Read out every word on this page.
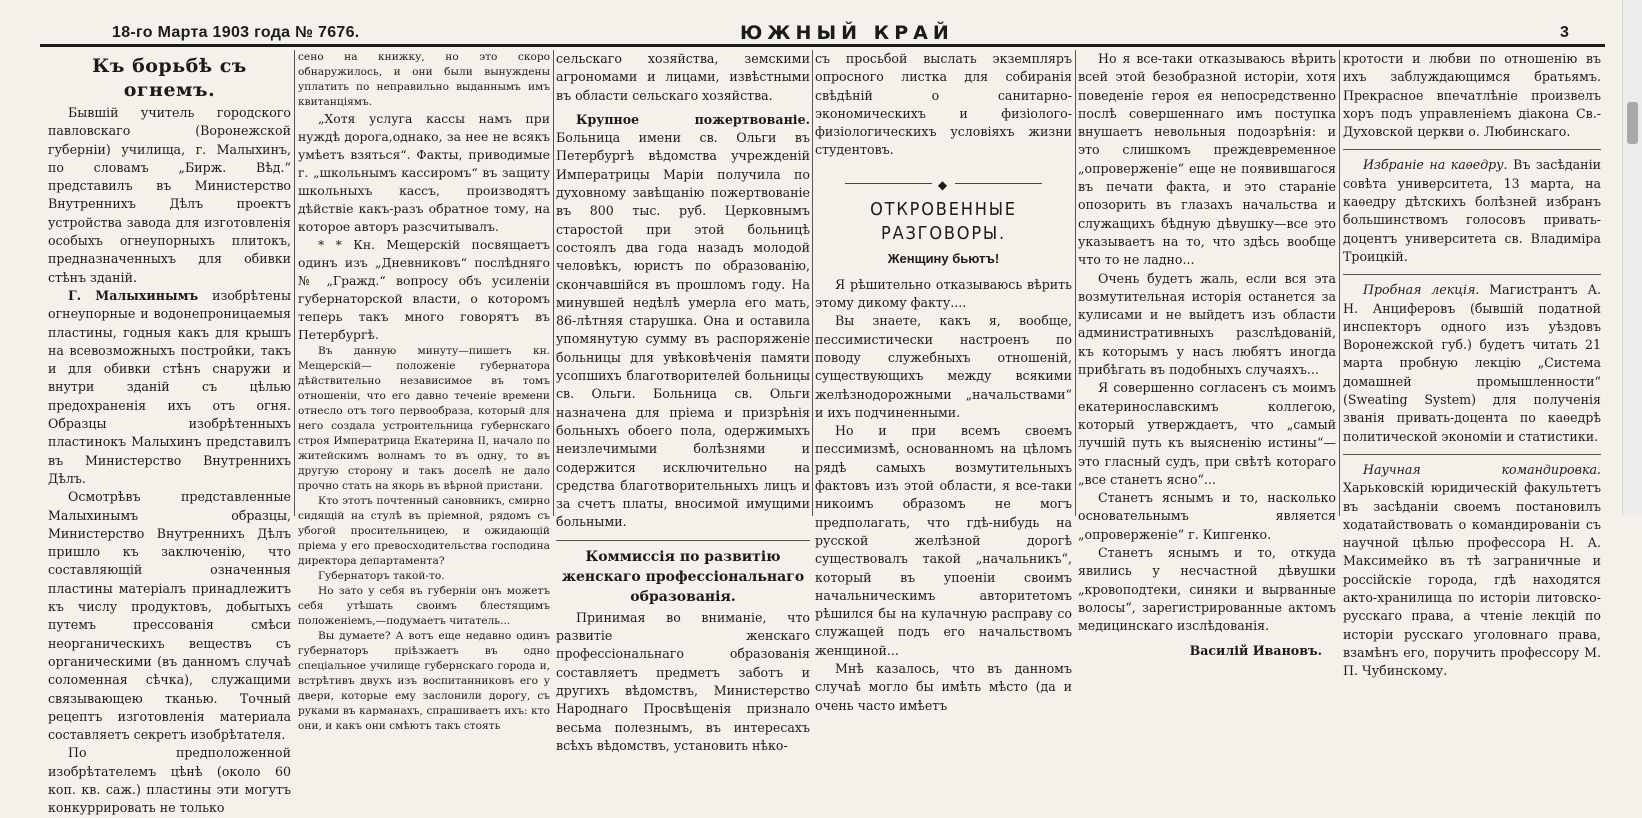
18-го Марта 1903 года № 7676.	ЮЖНЫЙ КРАЙ	3
Къ борьбѣ съ огнемъ.

Бывшій учитель городского павловскаго (Воронежской губерніи) училища, г. Малыхинъ, по словамъ „Бирж. Вѣд.“ представилъ въ Министерство Внутреннихъ Дѣлъ проектъ устройства завода для изготовленія особыхъ огнеупорныхъ плитокъ, предназначенныхъ для обивки стѣнъ зданій.

Г. Малыхинымъ изобрѣтены огнеупорные и водонепроницаемыя пластины, годныя какъ для крышъ на всевозможныхъ постройки, такъ и для обивки стѣнъ снаружи и внутри зданій съ цѣлью предохраненія ихъ отъ огня. Образцы изобрѣтенныхъ пластинокъ Малыхинъ представилъ въ Министерство Внутреннихъ Дѣлъ.

Осмотрѣвъ представленные Малыхинымъ образцы, Министерство Внутреннихъ Дѣлъ пришло къ заключенію, что составляющій означенныя пластины матеріалъ принадлежитъ къ числу продуктовъ, добытыхъ путемъ прессованія смѣси неорганическихъ веществъ съ органическими (въ данномъ случаѣ соломенная сѣчка), служащими связывающею тканью. Точный рецептъ изготовленія материала составляетъ секретъ изобрѣтателя.

По предположенной изобрѣтателемъ цѣнѣ (около 60 коп. кв. саж.) пластины эти могутъ конкуррировать не только

сено на книжку, но это скоро обнаружилось, и они были вынуждены уплатить по неправильно выданнымъ имъ квитанціямъ.

„Хотя услуга кассы намъ при нуждѣ дорога,однако, за нее не всякъ умѣетъ взяться“. Факты, приводимые г. „школьнымъ кассиромъ“ въ защиту школьныхъ кассъ, производятъ дѣйствіе какъ-разъ обратное тому, на которое авторъ разсчитывалъ.

* * Кн. Мещерскій посвящаетъ одинъ изъ „Дневниковъ“ послѣдняго № „Гражд.“ вопросу объ усиленіи губернаторской власти, о которомъ теперь такъ много говорятъ въ Петербургѣ.

Въ данную минуту—пишетъ кн. Мещерскій— положеніе губернатора дѣйствительно независимое въ томъ отношеніи, что его давно теченіе времени отнесло отъ того первообраза, который для него создала устроительница губернскаго строя Императрица Екатерина II, начало по житейскимъ волнамъ то въ одну, то въ другую сторону и такъ доселѣ не дало прочно стать на якорь въ вѣрной пристани.

Кто этотъ почтенный сановникъ, смирно сидящій на стулѣ въ пріемной, рядомъ съ убогой просительницею, и ожидающій пріема у его превосходительства господина директора департамента?

Губернаторъ такой-то.

Но зато у себя въ губерніи онъ можетъ себя утѣшать своимъ блестящимъ положеніемъ,—подумаетъ читатель...

Вы думаете? А вотъ еще недавно одинъ губернаторъ пріѣзжаетъ въ одно спеціальное училище губернскаго города и, встрѣтивъ двухъ изъ воспитанниковъ его у двери, которые ему заслонили дорогу, съ руками въ карманахъ, спрашиваетъ ихъ: кто они, и какъ они смѣютъ такъ стоять

сельскаго хозяйства, земскими агрономами и лицами, извѣстными въ области сельскаго хозяйства.

Крупное пожертвованіе. Больница имени св. Ольги въ Петербургѣ вѣдомства учрежденій Императрицы Маріи получила по духовному завѣщанію пожертвованіе въ 800 тыс. руб. Церковнымъ старостой при этой больницѣ состоялъ два года назадъ молодой человѣкъ, юристъ по образованію, скончавшійся въ прошломъ году. На минувшей недѣлѣ умерла его мать, 86-лѣтняя старушка. Она и оставила упомянутую сумму въ распоряженіе больницы для увѣковѣченія памяти усопшихъ благотворителей больницы св. Ольги. Больница св. Ольги назначена для пріема и призрѣнія больныхъ обоего пола, одержимыхъ неизлечимыми болѣзнями и содержится исключительно на средства благотворительныхъ лицъ и за счетъ платы, вносимой имущими больными.

Коммиссія по развитію женскаго профессіональнаго образованія.

Принимая во вниманіе, что развитіе женскаго профессіональнаго образованія составляетъ предметъ заботъ и другихъ вѣдомствъ, Министерство Народнаго Просвѣщенія признало весьма полезнымъ, въ интересахъ всѣхъ вѣдомствъ, установить нѣко-

съ просьбой выслать экземпляръ опросного листка для собиранія свѣдѣній о санитарно-экономическихъ и физіолого-физіологическихъ условіяхъ жизни студентовъ.

◆
ОТКРОВЕННЫЕ РАЗГОВОРЫ.
Женщину бьютъ!

Я рѣшительно отказываюсь вѣрить этому дикому факту....

Вы знаете, какъ я, вообще, пессимистически настроенъ по поводу служебныхъ отношеній, существующихъ между всякими желѣзнодорожными „начальствами“ и ихъ подчиненными.

Но и при всемъ своемъ пессимизмѣ, основанномъ на цѣломъ рядѣ самыхъ возмутительныхъ фактовъ изъ этой области, я все-таки никоимъ образомъ не могъ предполагать, что гдѣ-нибудь на русской желѣзной дорогѣ существовалъ такой „начальникъ“, который въ упоеніи своимъ начальническимъ авторитетомъ рѣшился бы на кулачную расправу со служащей подъ его начальствомъ женщиной...

Мнѣ казалось, что въ данномъ случаѣ могло бы имѣть мѣсто (да и очень часто имѣетъ

Но я все-таки отказываюсь вѣрить всей этой безобразной исторіи, хотя поведеніе героя ея непосредственно послѣ совершеннаго имъ поступка внушаетъ невольныя подозрѣнія: и это слишкомъ преждевременное „опроверженіе“ еще не появившагося въ печати факта, и это стараніе опозорить въ глазахъ начальства и служащихъ бѣдную дѣвушку—все это указываетъ на то, что здѣсь вообще что то не ладно...

Очень будетъ жаль, если вся эта возмутительная исторія останется за кулисами и не выйдетъ изъ области административныхъ разслѣдованій, къ которымъ у насъ любятъ иногда прибѣгать въ подобныхъ случаяхъ...

Я совершенно согласенъ съ моимъ екатеринославскимъ коллегою, который утверждаетъ, что „самый лучшій путь къ выясненію истины“—это гласный судъ, при свѣтѣ котораго „все станетъ ясно“...

Станетъ яснымъ и то, насколько основательнымъ является „опроверженіе“ г. Кипгенко.

Станетъ яснымъ и то, откуда явились у несчастной дѣвушки „кровоподтеки, синяки и вырванные волосы“, зарегистрированные актомъ медицинскаго изслѣдованія.

Василій Ивановъ.

кротости и любви по отношенію въ ихъ заблуждающимся братьямъ. Прекрасное впечатлѣніе произвелъ хоръ подъ управленіемъ діакона Св.-Духовской церкви о. Любинскаго.

Избраніе на каѳедру. Въ засѣданіи совѣта университета, 13 марта, на каѳедру дѣтскихъ болѣзней избранъ большинствомъ голосовъ привать-доцентъ университета св. Владиміра Троицкій.

Пробная лекція. Магистрантъ А. Н. Анциферовъ (бывшій податной инспекторъ одного изъ уѣздовъ Воронежской губ.) будетъ читать 21 марта пробную лекцію „Система домашней промышленности“ (Sweating System) для полученія званія привать-доцента по каѳедрѣ политической экономіи и статистики.

Научная командировка. Харьковскій юридическій факультетъ въ засѣданіи своемъ постановилъ ходатайствовать о командированіи съ научной цѣлью профессора Н. А. Максимейко въ тѣ заграничные и россійскіе города, гдѣ находятся акто-хранилища по исторіи литовско-русскаго права, а чтеніе лекцій по исторіи русскаго уголовнаго права, взамѣнъ его, поручить профессору М. П. Чубинскому.
